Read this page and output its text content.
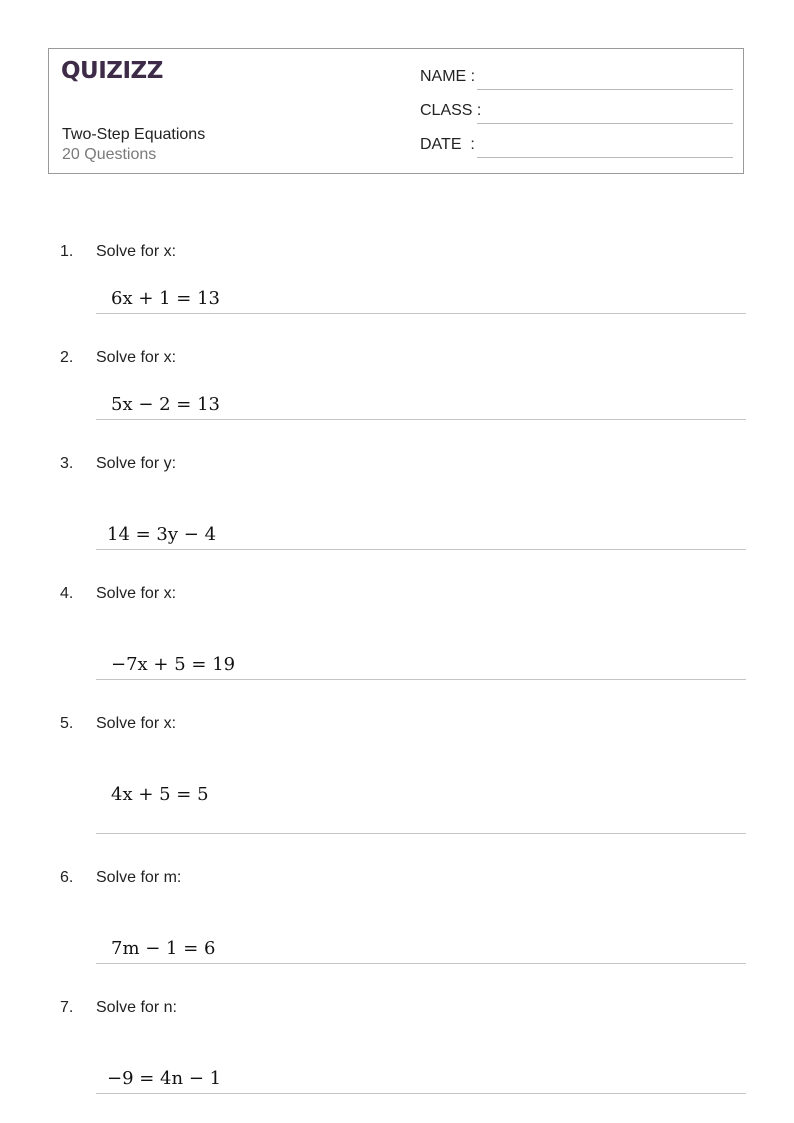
QUIZIZZ
Two-Step Equations
20 Questions
NAME :
CLASS :
DATE  :
1. Solve for x:
6x + 1 = 13
2. Solve for x:
5x − 2 = 13
3. Solve for y:
14 = 3y − 4
4. Solve for x:
−7x + 5 = 19
5. Solve for x:
4x + 5 = 5
6. Solve for m:
7m − 1 = 6
7. Solve for n:
−9 = 4n − 1
